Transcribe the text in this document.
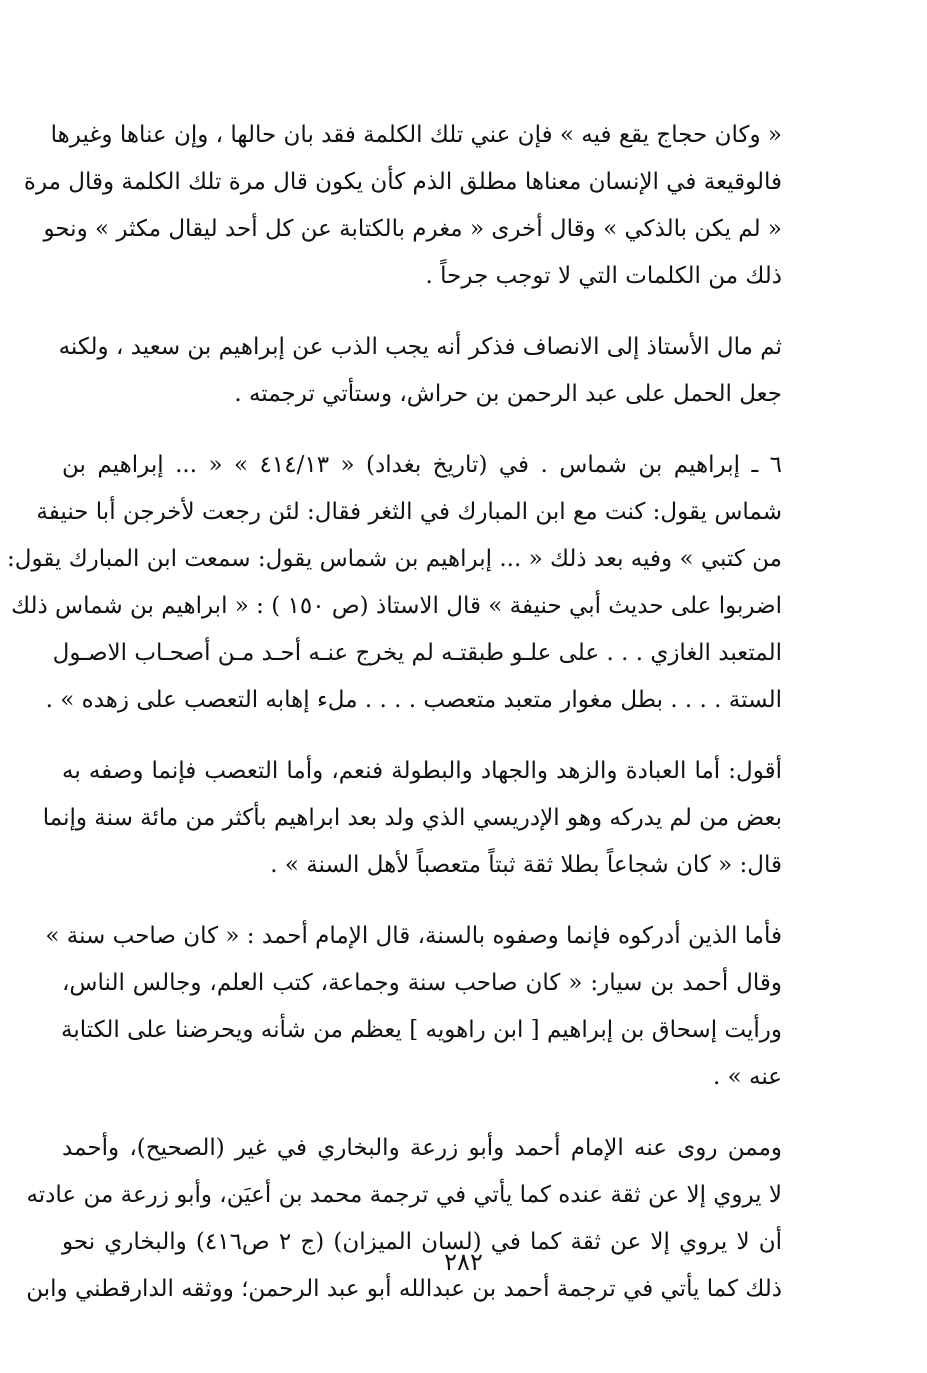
« وكان حجاج يقع فيه » فإن عني تلك الكلمة فقد بان حالها ، وإن عناها وغيرها
فالوقيعة في الإنسان معناها مطلق الذم كأن يكون قال مرة تلك الكلمة وقال مرة
« لم يكن بالذكي » وقال أخرى « مغرم بالكتابة عن كل أحد ليقال مكثر » ونحو
ذلك من الكلمات التي لا توجب جرحاً .
ثم مال الأستاذ إلى الانصاف فذكر أنه يجب الذب عن إبراهيم بن سعيد ، ولكنه
جعل الحمل على عبد الرحمن بن حراش، وستأتي ترجمته .
٦ ـ إبراهيم بن شماس . في (تاريخ بغداد) « ٤١٤/١٣ » « ... إبراهيم بن
شماس يقول: كنت مع ابن المبارك في الثغر فقال: لئن رجعت لأخرجن أبا حنيفة
من كتبي » وفيه بعد ذلك « ... إبراهيم بن شماس يقول: سمعت ابن المبارك يقول:
اضربوا على حديث أبي حنيفة » قال الاستاذ (ص ١٥٠ ) : « ابراهيم بن شماس ذلك
المتعبد الغازي . . . على علـو طبقتـه لم يخرج عنـه أحـد مـن أصحـاب الاصـول
الستة . . . . بطل مغوار متعبد متعصب . . . . ملء إهابه التعصب على زهده » .
أقول: أما العبادة والزهد والجهاد والبطولة فنعم، وأما التعصب فإنما وصفه به
بعض من لم يدركه وهو الإدريسي الذي ولد بعد ابراهيم بأكثر من مائة سنة وإنما
قال: « كان شجاعاً بطلا ثقة ثبتاً متعصباً لأهل السنة » .
فأما الذين أدركوه فإنما وصفوه بالسنة، قال الإمام أحمد : « كان صاحب سنة »
وقال أحمد بن سيار: « كان صاحب سنة وجماعة، كتب العلم، وجالس الناس،
ورأيت إسحاق بن إبراهيم [ ابن راهويه ] يعظم من شأنه ويحرضنا على الكتابة
عنه » .
وممن روى عنه الإمام أحمد وأبو زرعة والبخاري في غير (الصحيح)، وأحمد
لا يروي إلا عن ثقة عنده كما يأتي في ترجمة محمد بن أعيَن، وأبو زرعة من عادته
أن لا يروي إلا عن ثقة كما في (لسان الميزان) (ج ٢ ص٤١٦) والبخاري نحو
ذلك كما يأتي في ترجمة أحمد بن عبدالله أبو عبد الرحمن؛ ووثقه الدارقطني وابن
٢٨٢
